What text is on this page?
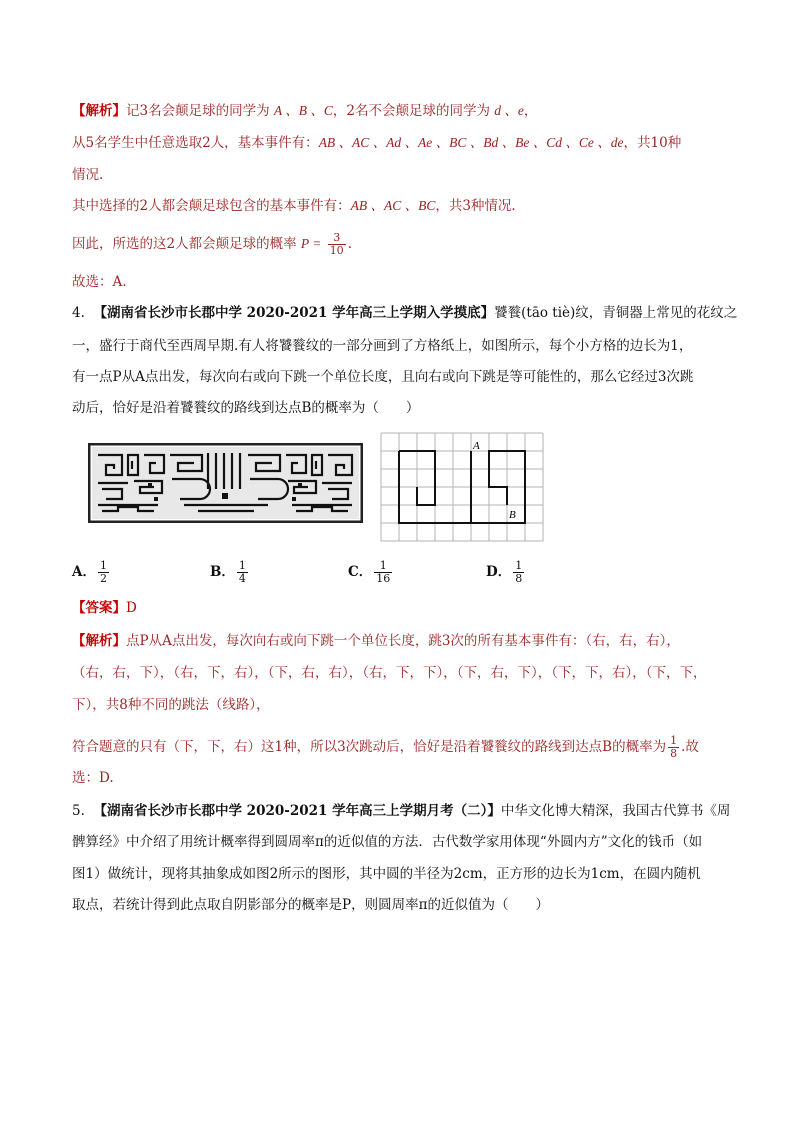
【解析】记3名会颠足球的同学为 A 、B 、C，2名不会颠足球的同学为 d 、e，
从5名学生中任意选取2人，基本事件有：AB 、AC 、Ad 、Ae 、BC 、Bd 、Be 、Cd 、Ce 、de，共10种
情况.
其中选择的2人都会颠足球包含的基本事件有：AB 、AC 、BC，共3种情况.
因此，所选的这2人都会颠足球的概率 $P = \frac{3}{10}$ .
故选：A.
4. 【湖南省长沙市长郡中学 2020-2021 学年高三上学期入学摸底】饕餮(tāo tiè)纹，青铜器上常见的花纹之
一，盛行于商代至西周早期.有人将饕餮纹的一部分画到了方格纸上，如图所示，每个小方格的边长为1，
有一点P从A点出发，每次向右或向下跳一个单位长度，且向右或向下跳是等可能性的，那么它经过3次跳
动后，恰好是沿着饕餮纹的路线到达点B的概率为（　　）
A
B
A． $\frac{1}{2}$	B． $\frac{1}{4}$	C． $\frac{1}{16}$	D． $\frac{1}{8}$
【答案】D
【解析】点P从A点出发，每次向右或向下跳一个单位长度，跳3次的所有基本事件有：（右，右，右），
（右，右，下），（右，下，右），（下，右，右），（右，下，下），（下，右，下），（下，下，右），（下，下，
下），共8种不同的跳法（线路），
符合题意的只有（下，下，右）这1种，所以3次跳动后，恰好是沿着饕餮纹的路线到达点B的概率为 $\frac{1}{8}$ .故
选：D.
5. 【湖南省长沙市长郡中学 2020-2021 学年高三上学期月考（二）】中华文化博大精深，我国古代算书《周
髀算经》中介绍了用统计概率得到圆周率π的近似值的方法．古代数学家用体现“外圆内方”文化的钱币（如
图1）做统计，现将其抽象成如图2所示的图形，其中圆的半径为2cm，正方形的边长为1cm，在圆内随机
取点，若统计得到此点取自阴影部分的概率是P，则圆周率π的近似值为（　　）
